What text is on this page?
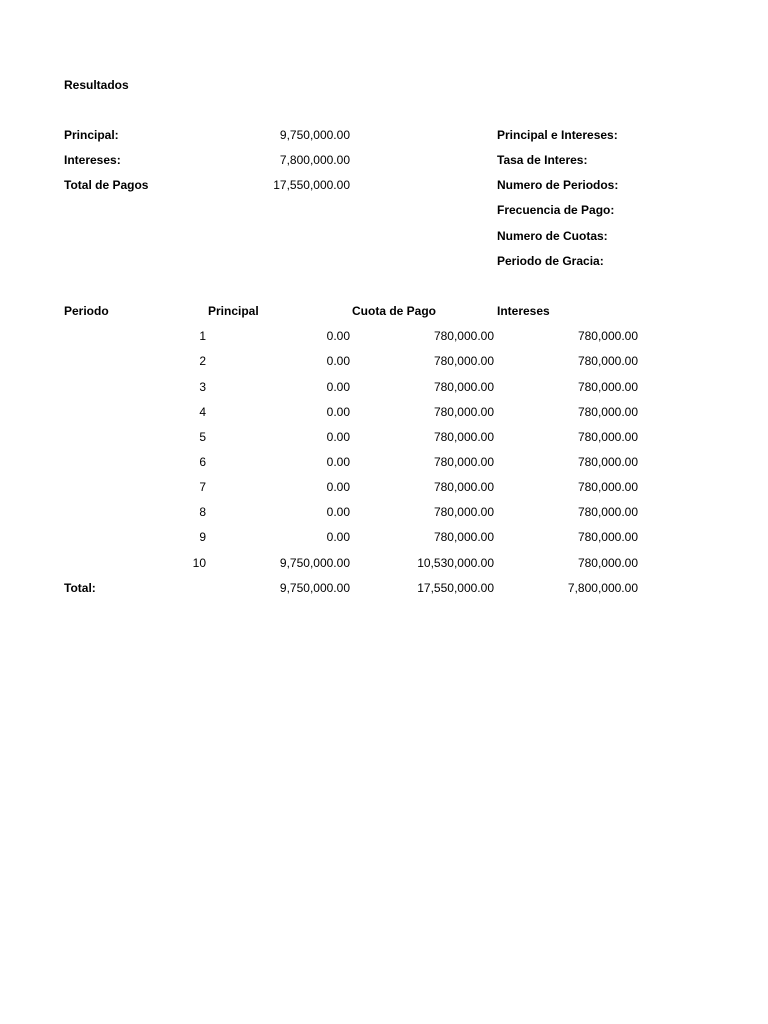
Resultados
Principal:	9,750,000.00
Intereses:	7,800,000.00
Total de Pagos	17,550,000.00
Principal e Intereses:
Tasa de Interes:
Numero de Periodos:
Frecuencia de Pago:
Numero de Cuotas:
Periodo de Gracia:
Periodo	Principal	Cuota de Pago	Intereses
1	0.00	780,000.00	780,000.00
2	0.00	780,000.00	780,000.00
3	0.00	780,000.00	780,000.00
4	0.00	780,000.00	780,000.00
5	0.00	780,000.00	780,000.00
6	0.00	780,000.00	780,000.00
7	0.00	780,000.00	780,000.00
8	0.00	780,000.00	780,000.00
9	0.00	780,000.00	780,000.00
10	9,750,000.00	10,530,000.00	780,000.00
Total:	9,750,000.00	17,550,000.00	7,800,000.00
